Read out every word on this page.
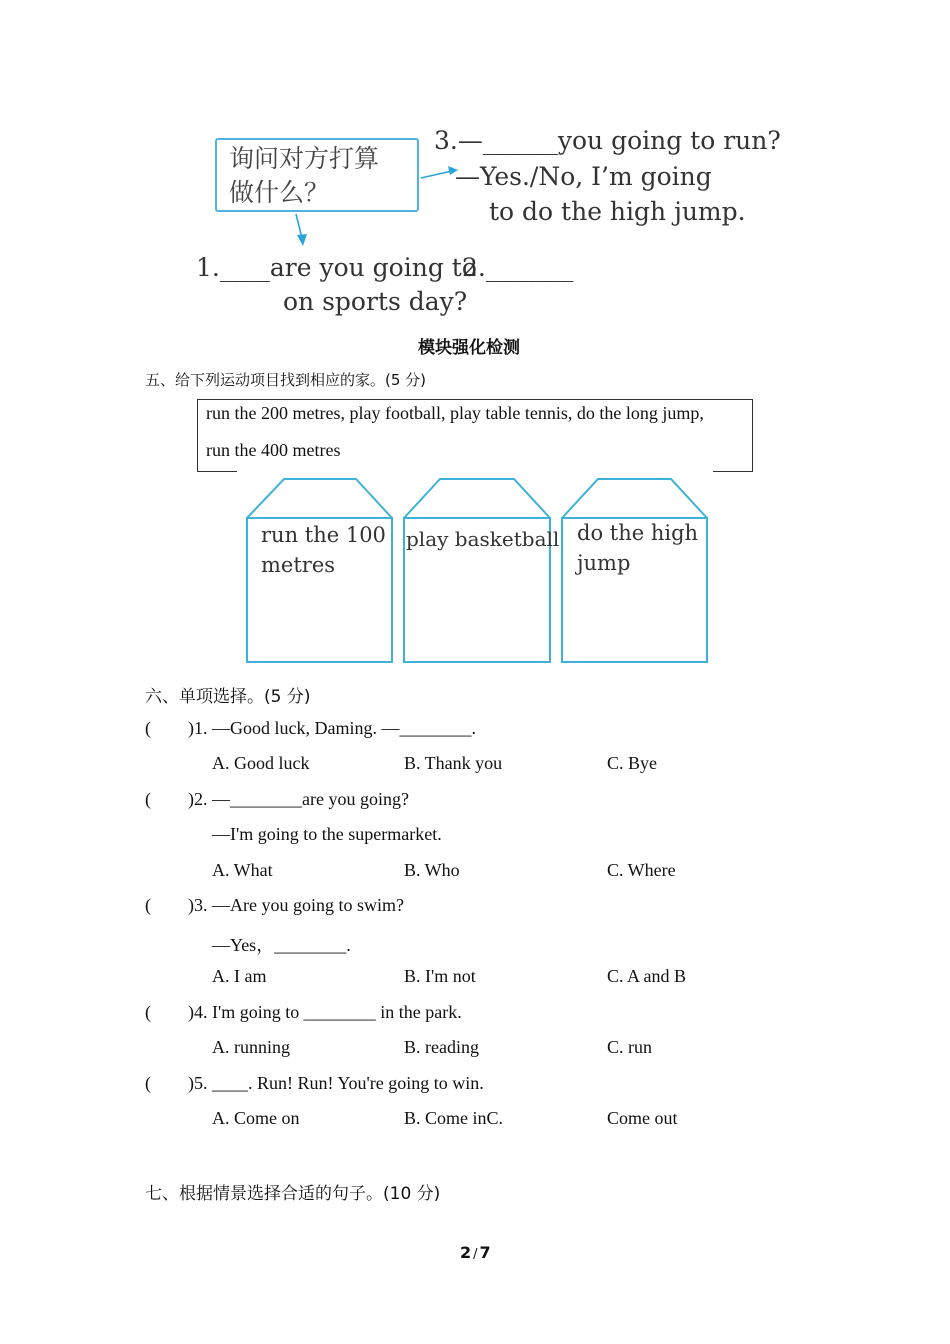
询问对方打算
做什么？
3.—______you going to run?
—Yes./No, I’m going
to do the high jump.
1.____are you going to
2._______
on sports day?
模块强化检测
五、给下列运动项目找到相应的家。(5 分)
run the 200 metres, play football, play table tennis, do the long jump,
run the 400 metres
run the 100
metres
play basketball do the high
jump
六、单项选择。(5 分)
( )1. —Good luck, Daming. —________.
A. Good luck	B. Thank you	C. Bye
( )2. —________are you going?
—I'm going to the supermarket.
A. What	B. Who	C. Where
( )3. —Are you going to swim?
—Yes，________.
A. I am	B. I'm not	C. A and B
( )4. I'm going to ________ in the park.
A. running	B. reading	C. run
( )5. ____. Run! Run! You're going to win.
A. Come on	B. Come inC.	Come out
七、根据情景选择合适的句子。(10 分)
2 / 7
